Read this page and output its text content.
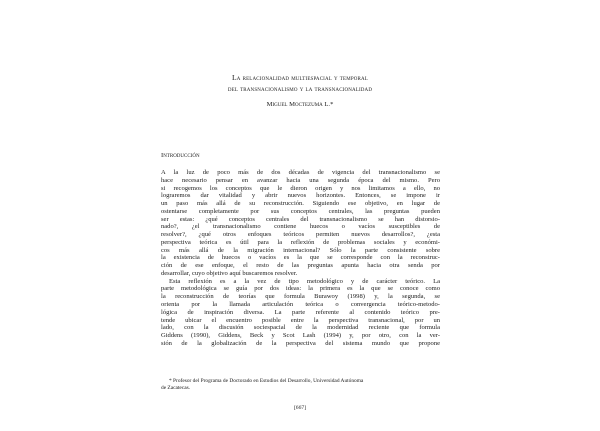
La relacionalidad multiespacial y temporal
del transnacionalismo y la transnacionalidad
Miguel Moctezuma L.*
Introducción
A la luz de poco más de dos décadas de vigencia del transnacionalismo se
hace necesario pensar en avanzar hacia una segunda época del mismo. Pero
si recogemos los conceptos que le dieron origen y nos limitamos a ello, no
lograremos dar vitalidad y abrir nuevos horizontes. Entonces, se impone ir
un paso más allá de su reconstrucción. Siguiendo ese objetivo, en lugar de
ostentarse completamente por sus conceptos centrales, las preguntas pueden
ser estas: ¿qué conceptos centrales del transnacionalismo se han distorsio-
nado?, ¿el transnacionalismo contiene huecos o vacíos susceptibles de
resolver?, ¿qué otros enfoques teóricos permiten nuevos desarrollos?, ¿esta
perspectiva teórica es útil para la reflexión de problemas sociales y económi-
cos más allá de la migración internacional? Sólo la parte consistente sobre
la existencia de huecos o vacíos es la que se corresponde con la reconstruc-
ción de ese enfoque, el resto de las preguntas apunta hacia otra senda por
desarrollar, cuyo objetivo aquí buscaremos resolver.
Esta reflexión es a la vez de tipo metodológico y de carácter teórico. La
parte metodológica se guía por dos ideas: la primera es la que se conoce como
la reconstrucción de teorías que formula Burawoy (1998) y, la segunda, se
orienta por la llamada articulación teórica o convergencia teórico-metodo-
lógica de inspiración diversa. La parte referente al contenido teórico pre-
tende ubicar el encuentro posible entre la perspectiva transnacional, por un
lado, con la discusión sociespacial de la modernidad reciente que formula
Giddens (1990), Giddens, Beck y Scot Lash (1994) y, por otro, con la ver-
sión de la globalización de la perspectiva del sistema mundo que propone
* Profesor del Programa de Doctorado en Estudios del Desarrollo, Universidad Autónoma
de Zacatecas.
[667]
